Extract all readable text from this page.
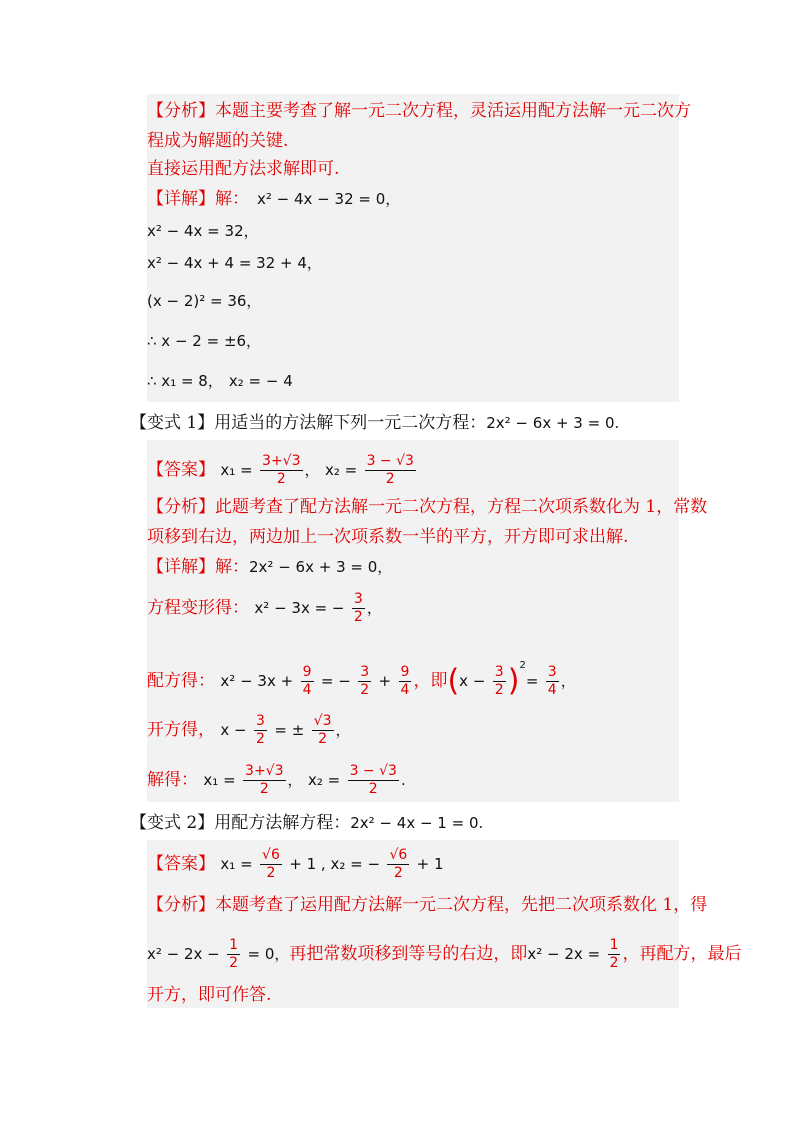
【分析】本题主要考查了解一元二次方程，灵活运用配方法解一元二次方
程成为解题的关键.
直接运用配方法求解即可.
【详解】解： x² − 4x − 32 = 0，
x² − 4x = 32，
x² − 4x + 4 = 32 + 4，
(x − 2)² = 36，
∴ x − 2 = ±6，
∴ x₁ = 8， x₂ = − 4
【变式 1】用适当的方法解下列一元二次方程：2x² − 6x + 3 = 0.
【答案】 $x_1 = \frac{3+√3}{2}$ ， $x_2 = \frac{3 - √3}{2}$
【分析】此题考查了配方法解一元二次方程，方程二次项系数化为 1，常数
项移到右边，两边加上一次项系数一半的平方，开方即可求出解.
【详解】解：2x² − 6x + 3 = 0，
方程变形得： x² − 3x = − $\frac{3}{2}$ ，
配方得： $x^2 - 3x + \frac{9}{4}$ = − $\frac{3}{2} + \frac{9}{4}$ ，即$(x - \frac{3}{2} )^2= \frac{3}{4}$ ，
开方得， $x - \frac{3}{2}$ = ± $\frac{√3}{2}$ ，
解得： $x_1 = \frac{3+√3}{2}$ ， $x_2 = \frac{3 - √3}{2}$ .
【变式 2】用配方法解方程：2x² − 4x − 1 = 0.
【答案】 $x_1 = \frac{√6}{2} + 1$ , x₂ = − $\frac{√6}{2} + 1$
【分析】本题考查了运用配方法解一元二次方程，先把二次项系数化 1，得
$x^2 - 2x - \frac{1}{2} = 0$，再把常数项移到等号的右边，即$x^2 - 2x = \frac{1}{2}$ ，再配方，最后
开方，即可作答.
